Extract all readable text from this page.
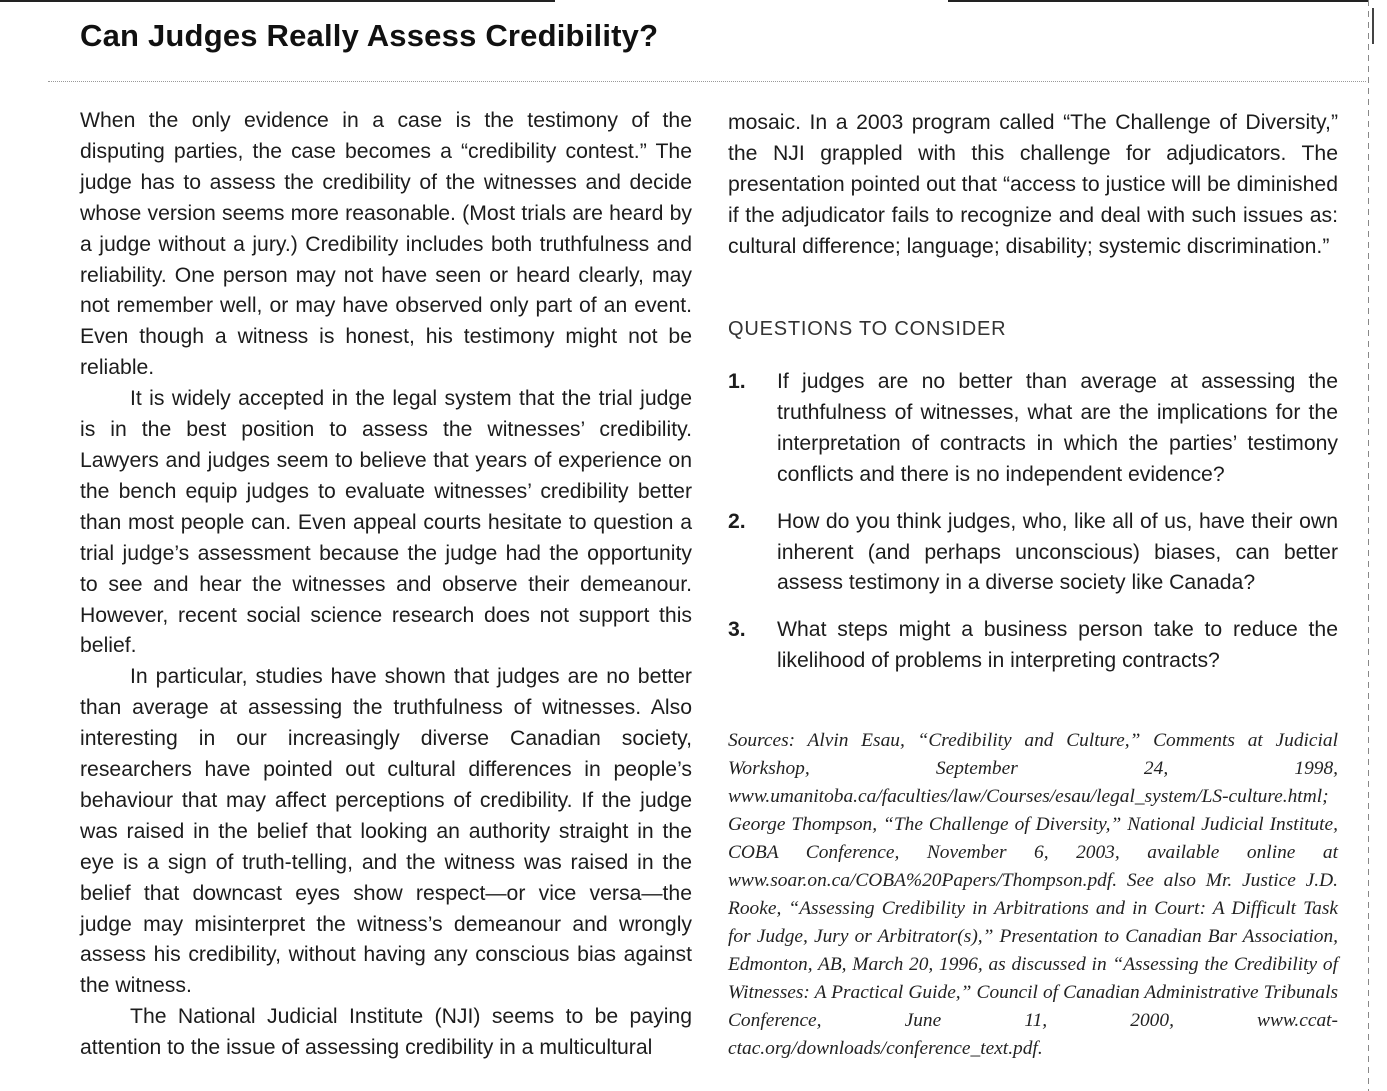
Can Judges Really Assess Credibility?

When the only evidence in a case is the testimony of the disputing parties, the case becomes a “credibility contest.” The judge has to assess the credibility of the witnesses and decide whose version seems more reasonable. (Most trials are heard by a judge without a jury.) Credibility includes both truthfulness and reliability. One person may not have seen or heard clearly, may not remember well, or may have observed only part of an event. Even though a witness is honest, his testimony might not be reliable.

It is widely accepted in the legal system that the trial judge is in the best position to assess the witnesses’ credibility. Lawyers and judges seem to believe that years of experience on the bench equip judges to evaluate witnesses’ credibility better than most people can. Even appeal courts hesitate to question a trial judge’s assessment because the judge had the opportunity to see and hear the witnesses and observe their demeanour. However, recent social science research does not support this belief.

In particular, studies have shown that judges are no better than average at assessing the truthfulness of witnesses. Also interesting in our increasingly diverse Canadian society, researchers have pointed out cultural differences in people’s behaviour that may affect perceptions of credibility. If the judge was raised in the belief that looking an authority straight in the eye is a sign of truth-telling, and the witness was raised in the belief that downcast eyes show respect—or vice versa—the judge may misinterpret the witness’s demeanour and wrongly assess his credibility, without having any conscious bias against the witness.

The National Judicial Institute (NJI) seems to be paying attention to the issue of assessing credibility in a multicultural

mosaic. In a 2003 program called “The Challenge of Diversity,” the NJI grappled with this challenge for adjudicators. The presentation pointed out that “access to justice will be diminished if the adjudicator fails to recognize and deal with such issues as: cultural difference; language; disability; systemic discrimination.”

QUESTIONS TO CONSIDER
1.	If judges are no better than average at assessing the truthfulness of witnesses, what are the implications for the interpretation of contracts in which the parties’ testimony conflicts and there is no independent evidence?
2.	How do you think judges, who, like all of us, have their own inherent (and perhaps unconscious) biases, can better assess testimony in a diverse society like Canada?
3.	What steps might a business person take to reduce the likelihood of problems in interpreting contracts?

Sources: Alvin Esau, “Credibility and Culture,” Comments at Judicial Workshop, September 24, 1998, www.umanitoba.ca/faculties/law/Courses/esau/legal_system/LS-culture.html; George Thompson, “The Challenge of Diversity,” National Judicial Institute, COBA Conference, November 6, 2003, available online at www.soar.on.ca/COBA%20Papers/Thompson.pdf. See also Mr. Justice J.D. Rooke, “Assessing Credibility in Arbitrations and in Court: A Difficult Task for Judge, Jury or Arbitrator(s),” Presentation to Canadian Bar Association, Edmonton, AB, March 20, 1996, as discussed in “Assessing the Credibility of Witnesses: A Practical Guide,” Council of Canadian Administrative Tribunals Conference, June 11, 2000, www.ccat-ctac.org/downloads/conference_text.pdf.
